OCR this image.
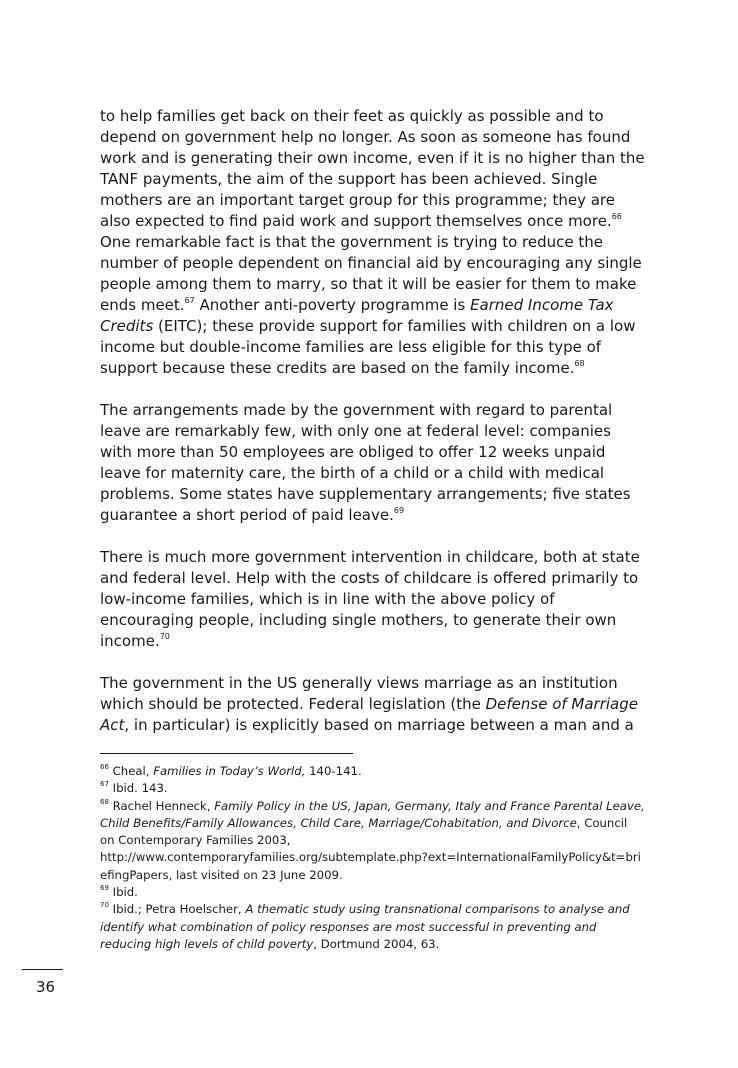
to help families get back on their feet as quickly as possible and to depend on government help no longer. As soon as someone has found work and is generating their own income, even if it is no higher than the TANF payments, the aim of the support has been achieved. Single mothers are an important target group for this programme; they are also expected to find paid work and support themselves once more.$^{66}$ One remarkable fact is that the government is trying to reduce the number of people dependent on financial aid by encouraging any single people among them to marry, so that it will be easier for them to make ends meet.$^{67}$ Another anti-poverty programme is Earned Income Tax Credits (EITC); these provide support for families with children on a low income but double-income families are less eligible for this type of support because these credits are based on the family income.$^{68}$

The arrangements made by the government with regard to parental leave are remarkably few, with only one at federal level: companies with more than 50 employees are obliged to offer 12 weeks unpaid leave for maternity care, the birth of a child or a child with medical problems. Some states have supplementary arrangements; five states guarantee a short period of paid leave.$^{69}$

There is much more government intervention in childcare, both at state and federal level. Help with the costs of childcare is offered primarily to low-income families, which is in line with the above policy of encouraging people, including single mothers, to generate their own income.$^{70}$

The government in the US generally views marriage as an institution which should be protected. Federal legislation (the Defense of Marriage Act, in particular) is explicitly based on marriage between a man and a

$^{66}$ Cheal, Families in Today’s World, 140-141.
$^{67}$ Ibid. 143.
$^{68}$ Rachel Henneck, Family Policy in the US, Japan, Germany, Italy and France Parental Leave, Child Benefits/Family Allowances, Child Care, Marriage/Cohabitation, and Divorce, Council on Contemporary Families 2003,
http://www.contemporaryfamilies.org/subtemplate.php?ext=InternationalFamilyPolicy&t=briefingPapers, last visited on 23 June 2009.
$^{69}$ Ibid.
$^{70}$ Ibid.; Petra Hoelscher, A thematic study using transnational comparisons to analyse and identify what combination of policy responses are most successful in preventing and reducing high levels of child poverty, Dortmund 2004, 63.
36
